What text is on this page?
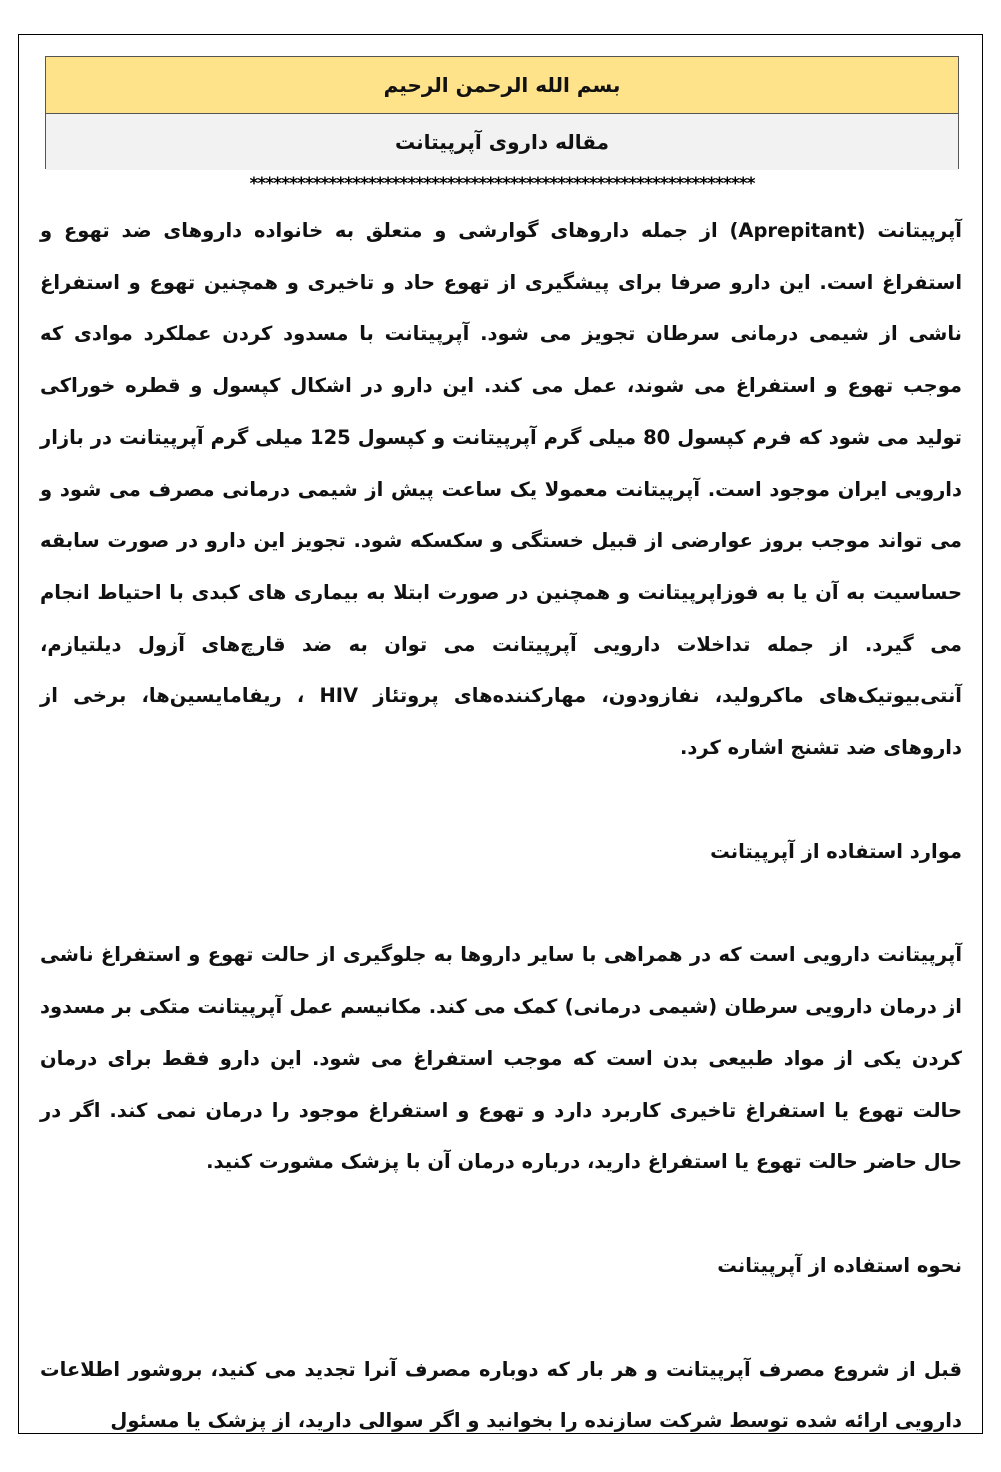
بسم الله الرحمن الرحیم
مقاله داروی آپرپیتانت
****************************************************************

آپرپیتانت (Aprepitant) از جمله داروهای گوارشی و متعلق به خانواده داروهای ضد تهوع و استفراغ است. این دارو صرفا برای پیشگیری از تهوع حاد و تاخیری و همچنین تهوع و استفراغ ناشی از شیمی درمانی سرطان تجویز می شود. آپرپیتانت با مسدود کردن عملکرد موادی که موجب تهوع و استفراغ می شوند، عمل می کند. این دارو در اشکال کپسول و قطره خوراکی تولید می شود که فرم کپسول 80 میلی گرم آپرپیتانت و کپسول 125 میلی گرم آپرپیتانت در بازار دارویی ایران موجود است. آپرپیتانت معمولا یک ساعت پیش از شیمی درمانی مصرف می شود و می تواند موجب بروز عوارضی از قبیل خستگی و سکسکه شود. تجویز این دارو در صورت سابقه حساسیت به آن یا به فوزاپرپیتانت و همچنین در صورت ابتلا به بیماری های کبدی با احتیاط انجام می گیرد. از جمله تداخلات دارویی آپرپیتانت می توان به ضد قارچ‌های آزول دیلتیازم، آنتی‌بیوتیک‌های ماکرولید، نفازودون، مهارکننده‌های پروتئاز HIV ، ریفامایسین‌ها، برخی از داروهای ضد تشنج اشاره کرد.

موارد استفاده از آپرپیتانت

آپرپیتانت دارویی است که در همراهی با سایر داروها به جلوگیری از حالت تهوع و استفراغ ناشی از درمان دارویی سرطان (شیمی درمانی) کمک می کند. مکانیسم عمل آپرپیتانت متکی بر مسدود کردن یکی از مواد طبیعی بدن است که موجب استفراغ می شود. این دارو فقط برای درمان حالت تهوع یا استفراغ تاخیری کاربرد دارد و تهوع و استفراغ موجود را درمان نمی کند. اگر در حال حاضر حالت تهوع یا استفراغ دارید، درباره درمان آن با پزشک مشورت کنید.

نحوه استفاده از آپرپیتانت

قبل از شروع مصرف آپرپیتانت و هر بار که دوباره مصرف آنرا تجدید می کنید، بروشور اطلاعات دارویی ارائه شده توسط شرکت سازنده را بخوانید و اگر سوالی دارید، از پزشک یا مسئول
